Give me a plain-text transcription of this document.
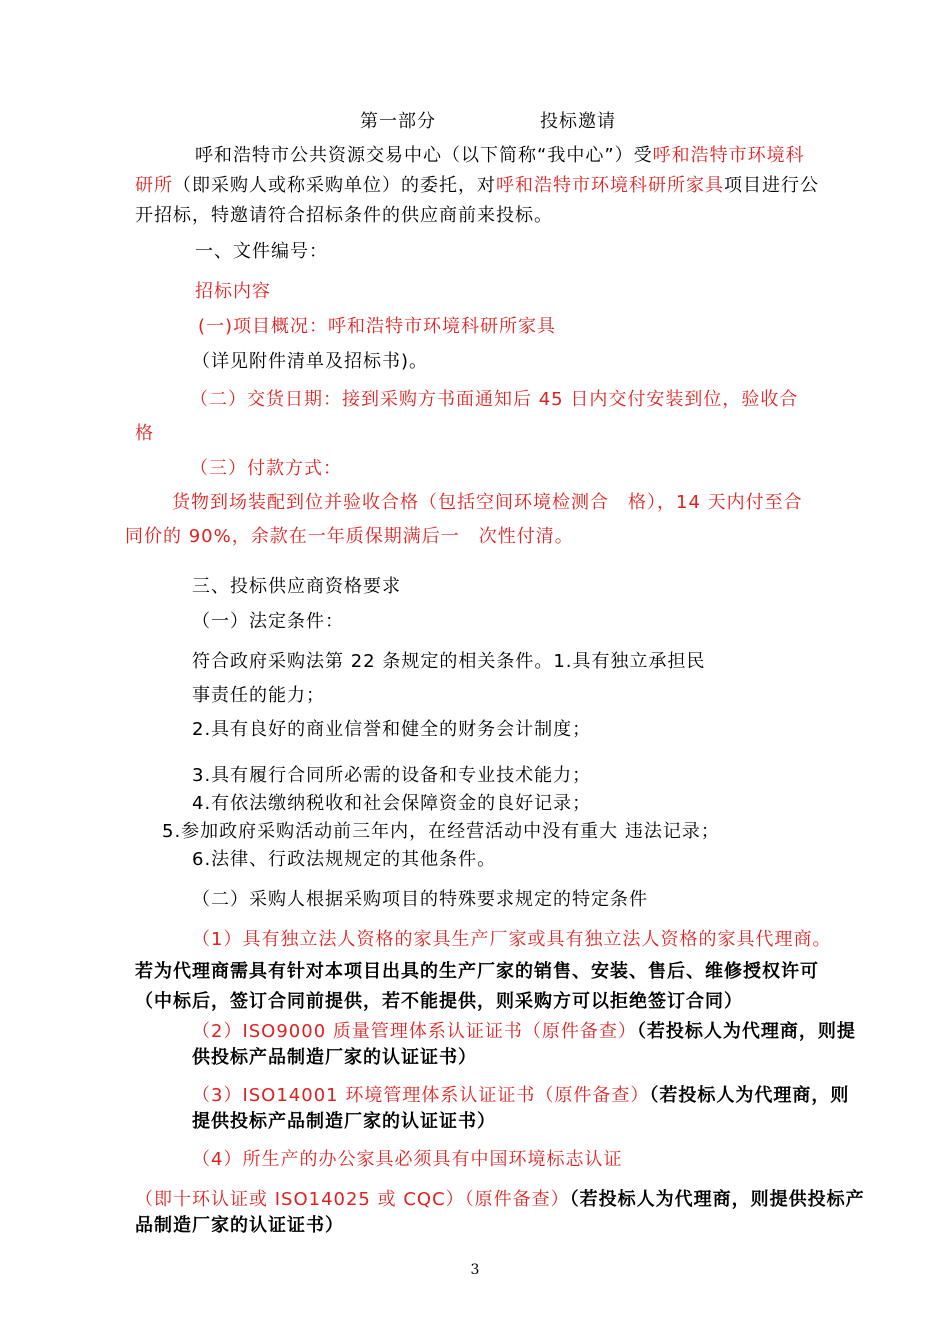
第一部分	投标邀请
呼和浩特市公共资源交易中心（以下简称“我中心”）受呼和浩特市环境科
研所（即采购人或称采购单位）的委托，对呼和浩特市环境科研所家具项目进行公
开招标，特邀请符合招标条件的供应商前来投标。
一、文件编号：
招标内容
(一)项目概况：呼和浩特市环境科研所家具
（详见附件清单及招标书)。
（二）交货日期：接到采购方书面通知后 45 日内交付安装到位，验收合
格
（三）付款方式：
货物到场装配到位并验收合格（包括空间环境检测合　格），14 天内付至合
同价的 90%，余款在一年质保期满后一　次性付清。
三、投标供应商资格要求
（一）法定条件：
符合政府采购法第 22 条规定的相关条件。1.具有独立承担民
事责任的能力；
2.具有良好的商业信誉和健全的财务会计制度；
3.具有履行合同所必需的设备和专业技术能力；
4.有依法缴纳税收和社会保障资金的良好记录；
5.参加政府采购活动前三年内，在经营活动中没有重大 违法记录；
6.法律、行政法规规定的其他条件。
（二）采购人根据采购项目的特殊要求规定的特定条件
（1）具有独立法人资格的家具生产厂家或具有独立法人资格的家具代理商。
若为代理商需具有针对本项目出具的生产厂家的销售、安装、售后、维修授权许可
（中标后，签订合同前提供，若不能提供，则采购方可以拒绝签订合同）
（2）ISO9000 质量管理体系认证证书（原件备查）（若投标人为代理商，则提
供投标产品制造厂家的认证证书）
（3）ISO14001 环境管理体系认证证书（原件备查）（若投标人为代理商，则
提供投标产品制造厂家的认证证书）
（4）所生产的办公家具必须具有中国环境标志认证
（即十环认证或 ISO14025 或 CQC）（原件备查）（若投标人为代理商，则提供投标产
品制造厂家的认证证书）
3
